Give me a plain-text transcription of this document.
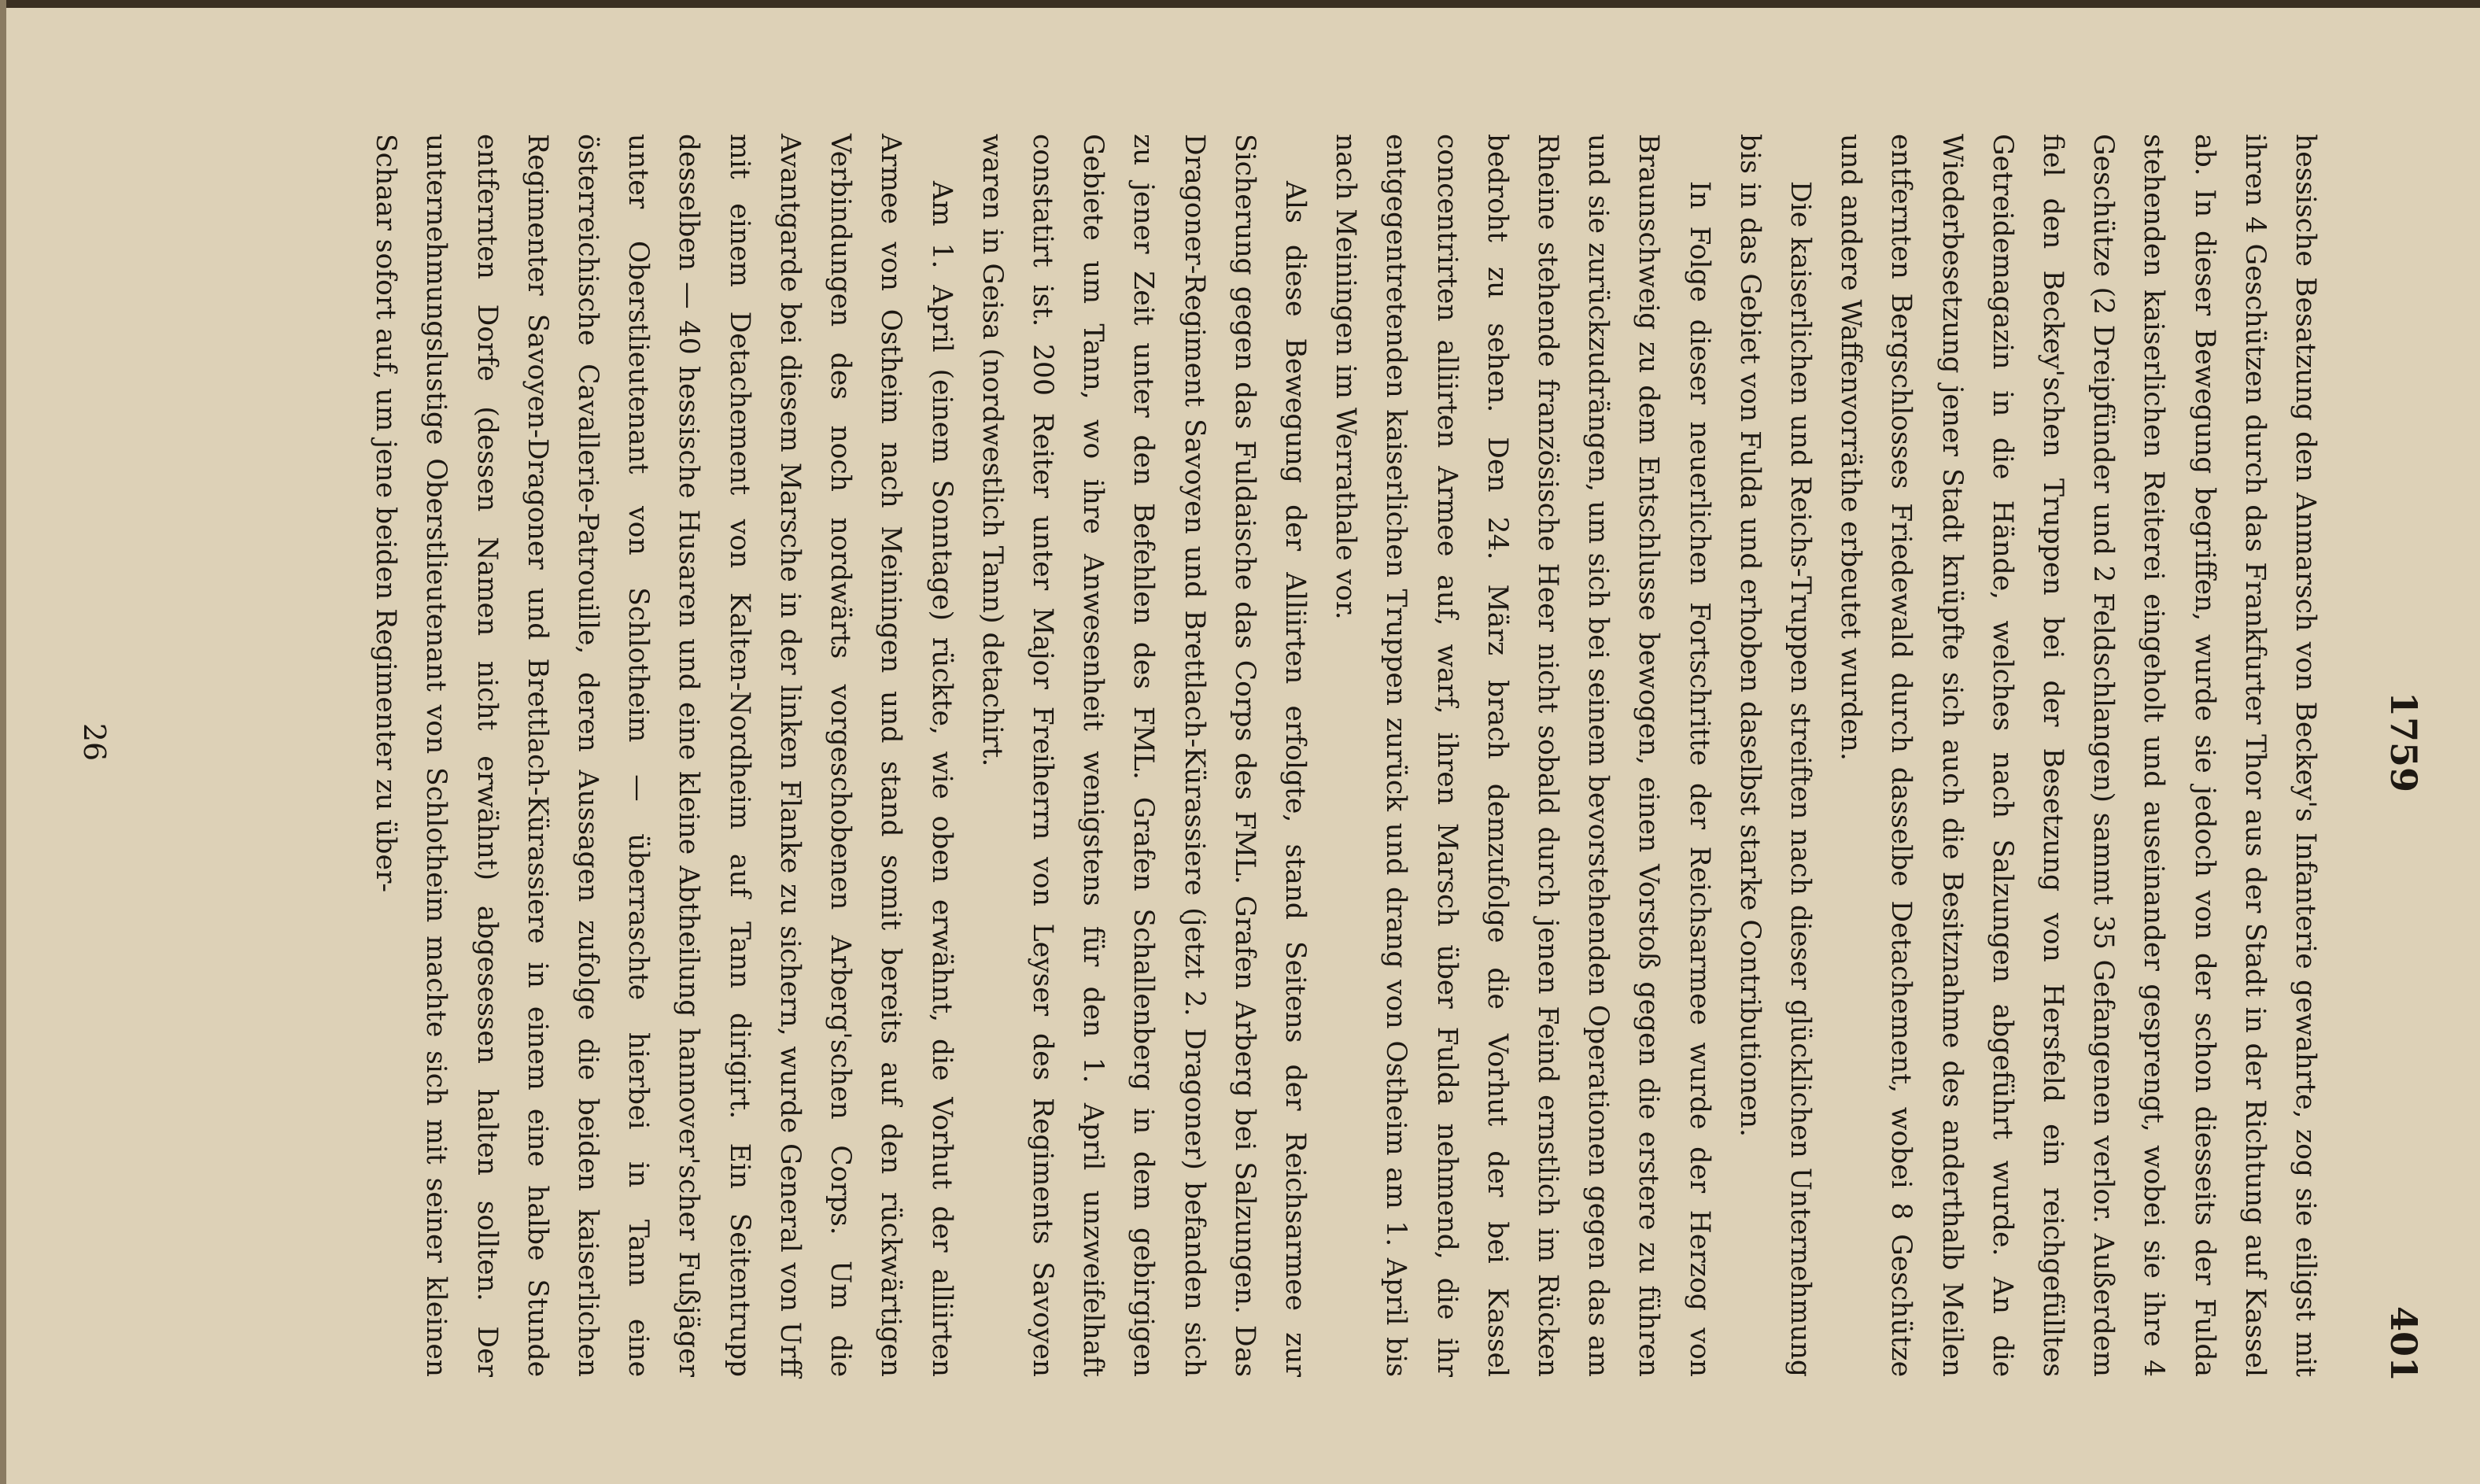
1759
401

hessische Besatzung den Anmarsch von Beckey's Infanterie gewahrte, zog sie eiligst mit ihren 4 Geschützen durch das Frankfurter Thor aus der Stadt in der Richtung auf Kassel ab. In dieser Bewegung begriffen, wurde sie jedoch von der schon diesseits der Fulda stehenden kaiserlichen Reiterei eingeholt und auseinander gesprengt, wobei sie ihre 4 Geschütze (2 Dreipfünder und 2 Feldschlangen) sammt 35 Gefangenen verlor. Außerdem fiel den Beckey'schen Truppen bei der Besetzung von Hersfeld ein reichgefülltes Getreidemagazin in die Hände, welches nach Salzungen abgeführt wurde. An die Wiederbesetzung jener Stadt knüpfte sich auch die Besitznahme des anderthalb Meilen entfernten Bergschlosses Friedewald durch dasselbe Detachement, wobei 8 Geschütze und andere Waffenvorräthe erbeutet wurden.

Die kaiserlichen und Reichs-Truppen streiften nach dieser glücklichen Unternehmung bis in das Gebiet von Fulda und erhoben daselbst starke Contributionen.

In Folge dieser neuerlichen Fortschritte der Reichsarmee wurde der Herzog von Braunschweig zu dem Entschlusse bewogen, einen Vorstoß gegen die erstere zu führen und sie zurückzudrängen, um sich bei seinem bevorstehenden Operationen gegen das am Rheine stehende französische Heer nicht sobald durch jenen Feind ernstlich im Rücken bedroht zu sehen. Den 24. März brach demzufolge die Vorhut der bei Kassel concentrirten alliirten Armee auf, warf, ihren Marsch über Fulda nehmend, die ihr entgegentretenden kaiserlichen Truppen zurück und drang von Ostheim am 1. April bis nach Meiningen im Werrathale vor.

Als diese Bewegung der Alliirten erfolgte, stand Seitens der Reichsarmee zur Sicherung gegen das Fuldaische das Corps des FML. Grafen Arberg bei Salzungen. Das Dragoner-Regiment Savoyen und Brettlach-Kürassiere (jetzt 2. Dragoner) befanden sich zu jener Zeit unter den Befehlen des FML. Grafen Schallenberg in dem gebirgigen Gebiete um Tann, wo ihre Anwesenheit wenigstens für den 1. April unzweifelhaft constatirt ist. 200 Reiter unter Major Freiherrn von Leyser des Regiments Savoyen waren in Geisa (nordwestlich Tann) detachirt.

Am 1. April (einem Sonntage) rückte, wie oben erwähnt, die Vorhut der alliirten Armee von Ostheim nach Meiningen und stand somit bereits auf den rückwärtigen Verbindungen des noch nordwärts vorgeschobenen Arberg'schen Corps. Um die Avantgarde bei diesem Marsche in der linken Flanke zu sichern, wurde General von Urff mit einem Detachement von Kalten-Nordheim auf Tann dirigirt. Ein Seitentrupp desselben — 40 hessische Husaren und eine kleine Abtheilung hannover'scher Fußjäger unter Oberstlieutenant von Schlotheim — überraschte hierbei in Tann eine österreichische Cavallerie-Patrouille, deren Aussagen zufolge die beiden kaiserlichen Regimenter Savoyen-Dragoner und Brettlach-Kürassiere in einem eine halbe Stunde entfernten Dorfe (dessen Namen nicht erwähnt) abgesessen halten sollten. Der unternehmungslustige Oberstlieutenant von Schlotheim machte sich mit seiner kleinen Schaar sofort auf, um jene beiden Regimenter zu über-

26
